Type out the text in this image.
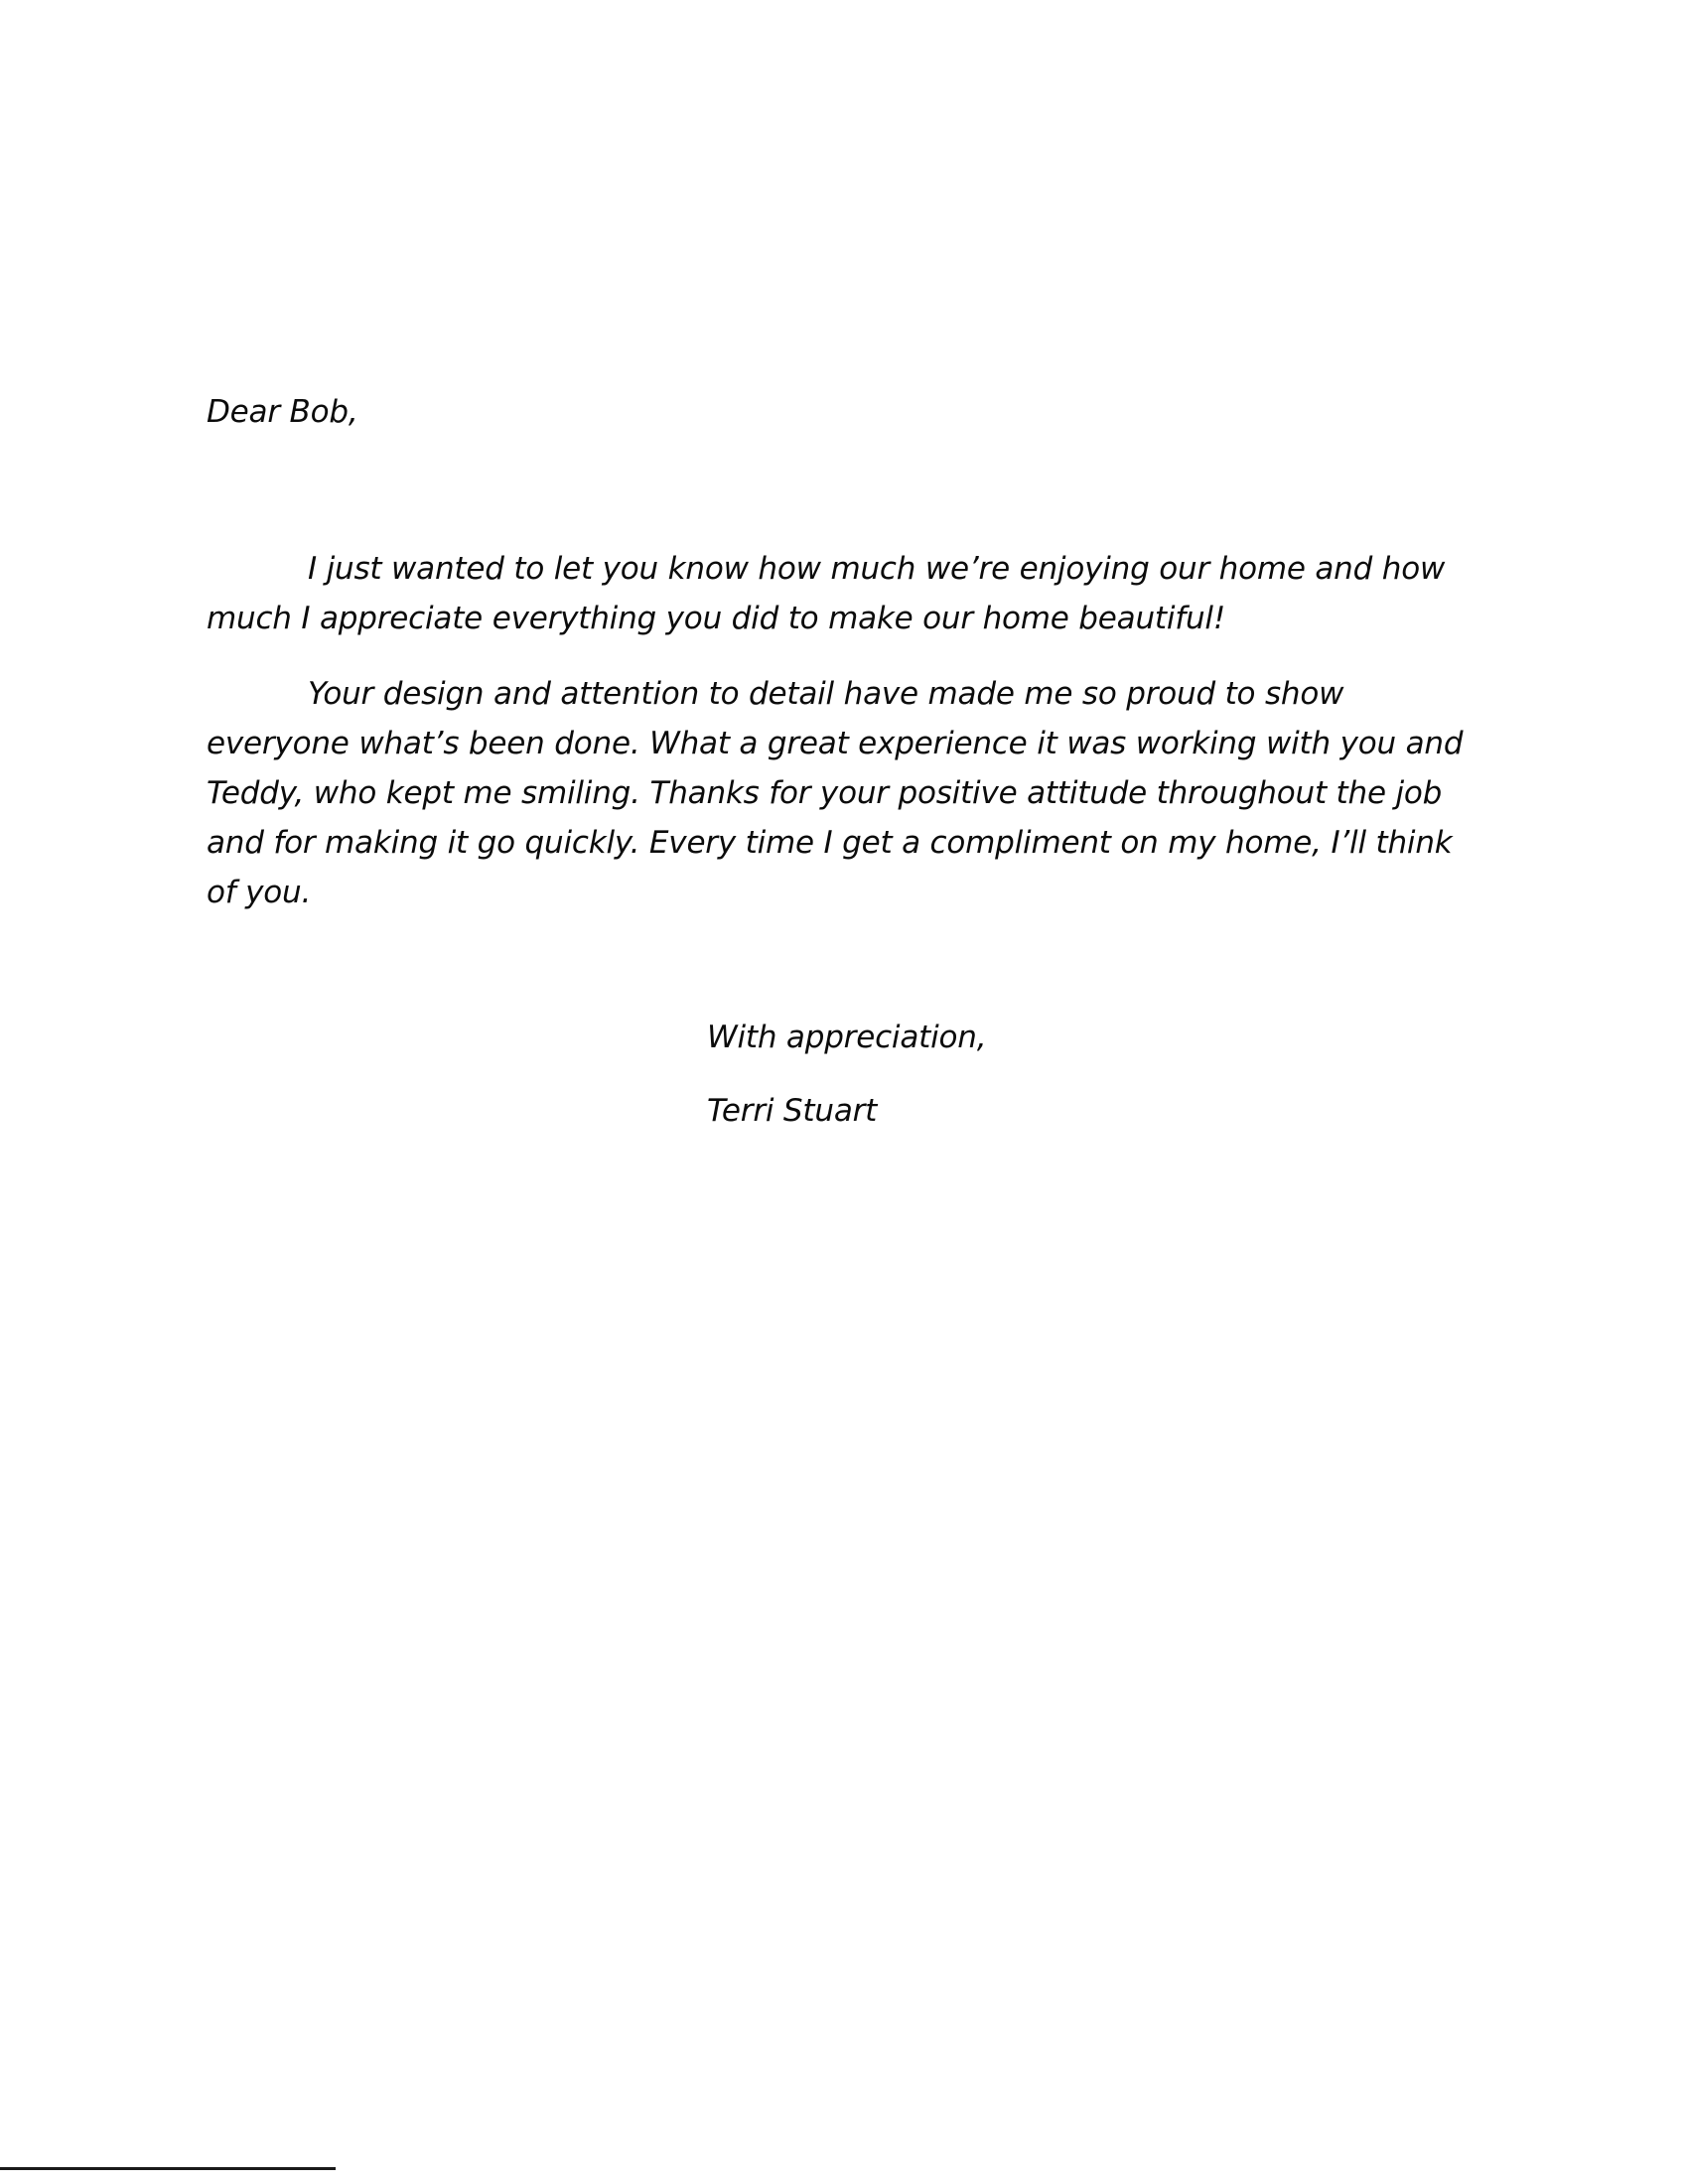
Dear Bob,

I just wanted to let you know how much we’re enjoying our home and how
much I appreciate everything you did to make our home beautiful!

Your design and attention to detail have made me so proud to show
everyone what’s been done. What a great experience it was working with you and
Teddy, who kept me smiling. Thanks for your positive attitude throughout the job
and for making it go quickly. Every time I get a compliment on my home, I’ll think
of you.

With appreciation,
Terri Stuart
